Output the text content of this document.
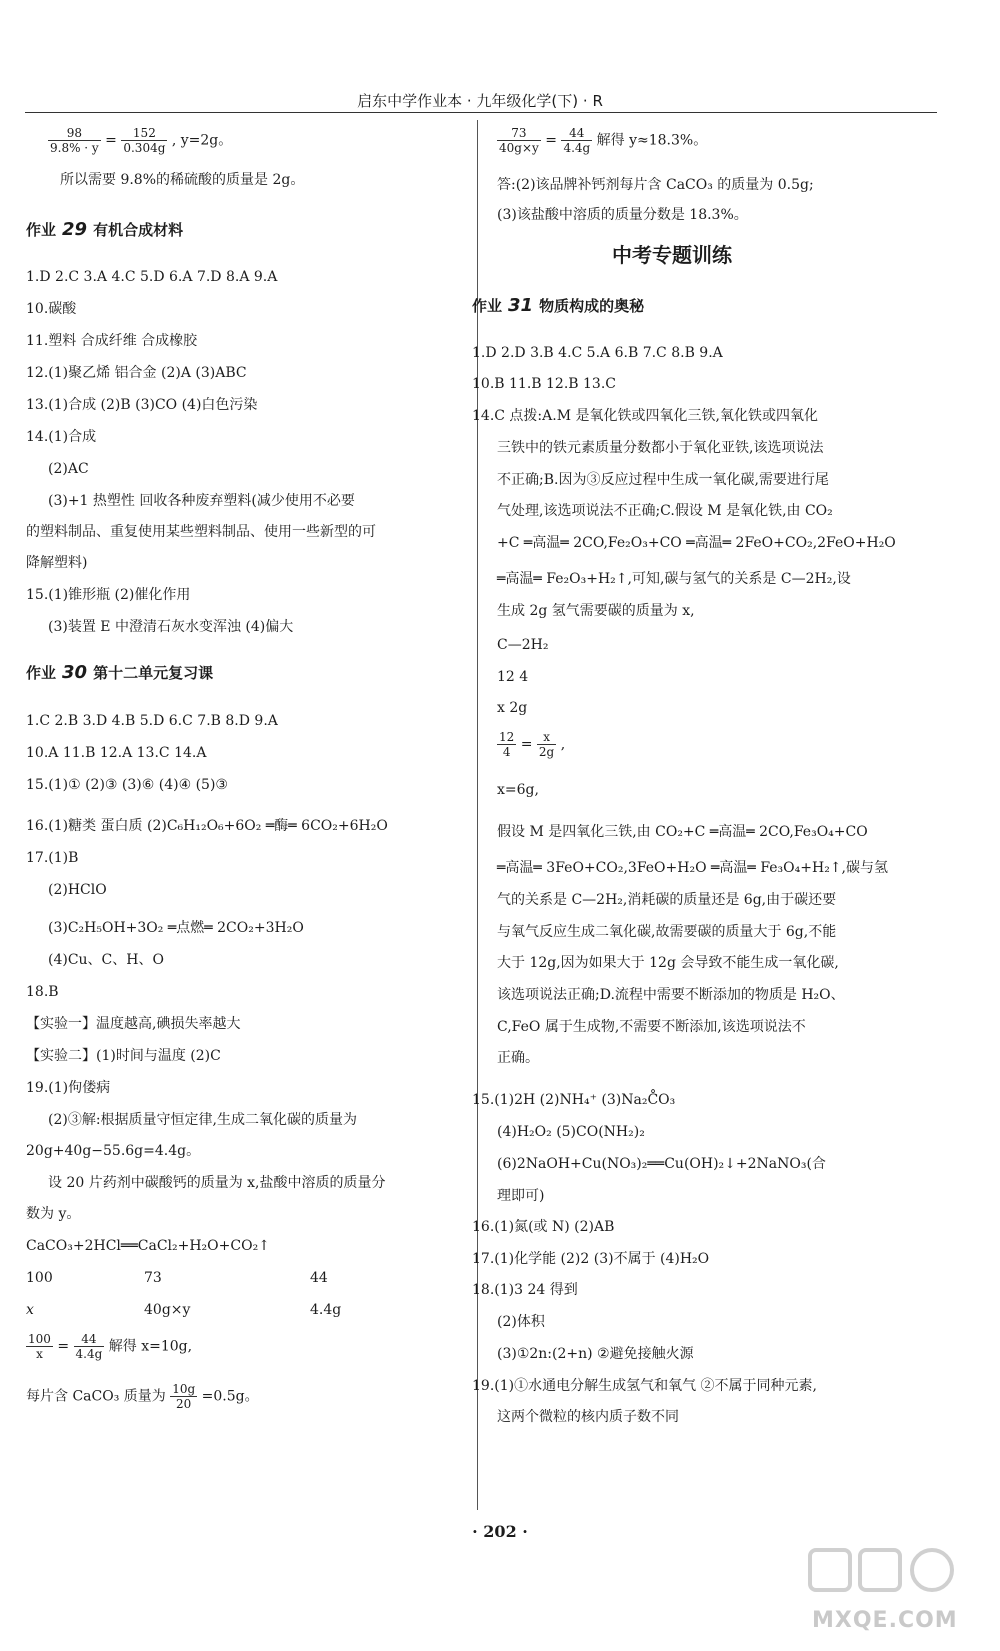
启东中学作业本 · 九年级化学(下) · R
$\frac{98}{9.8\% \cdot y} = \frac{152}{0.304g}$ , y=2g。
所以需要 9.8%的稀硫酸的质量是 2g。
作业 29 有机合成材料
1.D 2.C 3.A 4.C 5.D 6.A 7.D 8.A 9.A
10.碳酸
11.塑料 合成纤维 合成橡胶
12.(1)聚乙烯 铝合金 (2)A (3)ABC
13.(1)合成 (2)B (3)CO (4)白色污染
14.(1)合成
(2)AC
(3)+1 热塑性 回收各种废弃塑料(减少使用不必要
的塑料制品、重复使用某些塑料制品、使用一些新型的可
降解塑料)
15.(1)锥形瓶 (2)催化作用
(3)装置 E 中澄清石灰水变浑浊 (4)偏大
作业 30 第十二单元复习课
1.C 2.B 3.D 4.B 5.D 6.C 7.B 8.D 9.A
10.A 11.B 12.A 13.C 14.A
15.(1)① (2)③ (3)⑥ (4)④ (5)③
16.(1)糖类 蛋白质 (2)C₆H₁₂O₆+6O₂ ═酶═ 6CO₂+6H₂O
17.(1)B
(2)HClO
(3)C₂H₅OH+3O₂ ═点燃═ 2CO₂+3H₂O
(4)Cu、C、H、O
18.B
【实验一】温度越高,碘损失率越大
【实验二】(1)时间与温度 (2)C
19.(1)佝偻病
(2)③解:根据质量守恒定律,生成二氧化碳的质量为
20g+40g−55.6g=4.4g。
设 20 片药剂中碳酸钙的质量为 x,盐酸中溶质的质量分
数为 y。
CaCO₃+2HCl══CaCl₂+H₂O+CO₂↑
100	73	44
x	40g×y	4.4g
$\frac{100}{x} = \frac{44}{4.4g}$ 解得 x=10g,
每片含 CaCO₃ 质量为 $\frac{10g}{20} =0.5g$。
$\frac{73}{40g\times y} = \frac{44}{4.4g}$ 解得 y≈18.3%。
答:(2)该品牌补钙剂每片含 CaCO₃ 的质量为 0.5g;
(3)该盐酸中溶质的质量分数是 18.3%。
中考专题训练
作业 31 物质构成的奥秘
1.D 2.D 3.B 4.C 5.A 6.B 7.C 8.B 9.A
10.B 11.B 12.B 13.C
14.C 点拨:A.M 是氧化铁或四氧化三铁,氧化铁或四氧化
三铁中的铁元素质量分数都小于氧化亚铁,该选项说法
不正确;B.因为③反应过程中生成一氧化碳,需要进行尾
气处理,该选项说法不正确;C.假设 M 是氧化铁,由 CO₂
+C ═高温═ 2CO,Fe₂O₃+CO ═高温═ 2FeO+CO₂,2FeO+H₂O
═高温═ Fe₂O₃+H₂↑,可知,碳与氢气的关系是 C—2H₂,设
生成 2g 氢气需要碳的质量为 x,
C—2H₂
12 4
x 2g
$\frac{12}{4} = \frac{x}{2g}$ ,
x=6g,
假设 M 是四氧化三铁,由 CO₂+C ═高温═ 2CO,Fe₃O₄+CO
═高温═ 3FeO+CO₂,3FeO+H₂O ═高温═ Fe₃O₄+H₂↑,碳与氢
气的关系是 C—2H₂,消耗碳的质量还是 6g,由于碳还要
与氧气反应生成二氧化碳,故需要碳的质量大于 6g,不能
大于 12g,因为如果大于 12g 会导致不能生成一氧化碳,
该选项说法正确;D.流程中需要不断添加的物质是 H₂O、
C,FeO 属于生成物,不需要不断添加,该选项说法不
正确。
15.(1)2H (2)NH₄⁺ (3)Na₂C̊O₃
(4)H₂O₂ (5)CO(NH₂)₂
(6)2NaOH+Cu(NO₃)₂══Cu(OH)₂↓+2NaNO₃(合
理即可)
16.(1)氮(或 N) (2)AB
17.(1)化学能 (2)2 (3)不属于 (4)H₂O
18.(1)3 24 得到
(2)体积
(3)①2n:(2+n) ②避免接触火源
19.(1)①水通电分解生成氢气和氧气 ②不属于同种元素,
这两个微粒的核内质子数不同
· 202 ·
MXQE.COM
